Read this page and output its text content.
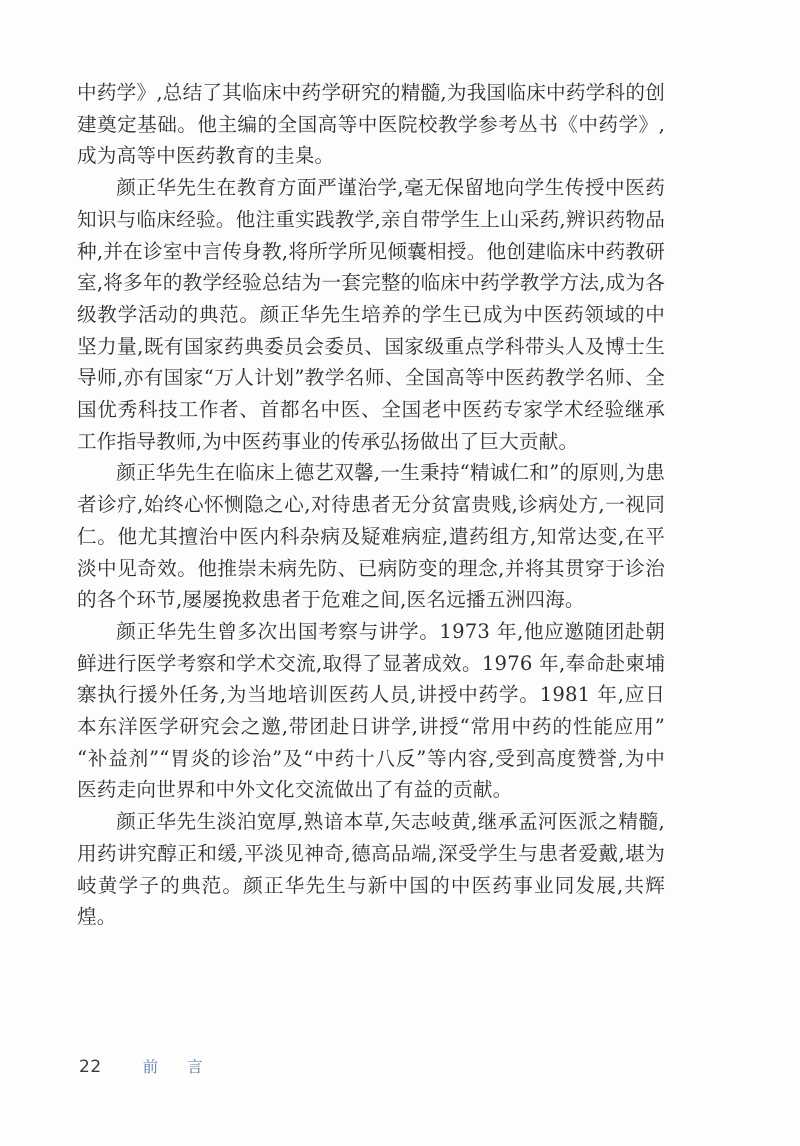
中药学》,总结了其临床中药学研究的精髓,为我国临床中药学科的创建奠定基础。他主编的全国高等中医院校教学参考丛书《中药学》,成为高等中医药教育的圭臬。

颜正华先生在教育方面严谨治学,毫无保留地向学生传授中医药知识与临床经验。他注重实践教学,亲自带学生上山采药,辨识药物品种,并在诊室中言传身教,将所学所见倾囊相授。他创建临床中药教研室,将多年的教学经验总结为一套完整的临床中药学教学方法,成为各级教学活动的典范。颜正华先生培养的学生已成为中医药领域的中坚力量,既有国家药典委员会委员、国家级重点学科带头人及博士生导师,亦有国家“万人计划”教学名师、全国高等中医药教学名师、全国优秀科技工作者、首都名中医、全国老中医药专家学术经验继承工作指导教师,为中医药事业的传承弘扬做出了巨大贡献。

颜正华先生在临床上德艺双馨,一生秉持“精诚仁和”的原则,为患者诊疗,始终心怀恻隐之心,对待患者无分贫富贵贱,诊病处方,一视同仁。他尤其擅治中医内科杂病及疑难病症,遣药组方,知常达变,在平淡中见奇效。他推崇未病先防、已病防变的理念,并将其贯穿于诊治的各个环节,屡屡挽救患者于危难之间,医名远播五洲四海。

颜正华先生曾多次出国考察与讲学。1973 年,他应邀随团赴朝鲜进行医学考察和学术交流,取得了显著成效。1976 年,奉命赴柬埔寨执行援外任务,为当地培训医药人员,讲授中药学。1981 年,应日本东洋医学研究会之邀,带团赴日讲学,讲授“常用中药的性能应用”“补益剂”“胃炎的诊治”及“中药十八反”等内容,受到高度赞誉,为中医药走向世界和中外文化交流做出了有益的贡献。

颜正华先生淡泊宽厚,熟谙本草,矢志岐黄,继承孟河医派之精髓,用药讲究醇正和缓,平淡见神奇,德高品端,深受学生与患者爱戴,堪为岐黄学子的典范。颜正华先生与新中国的中医药事业同发展,共辉煌。

22	前言
